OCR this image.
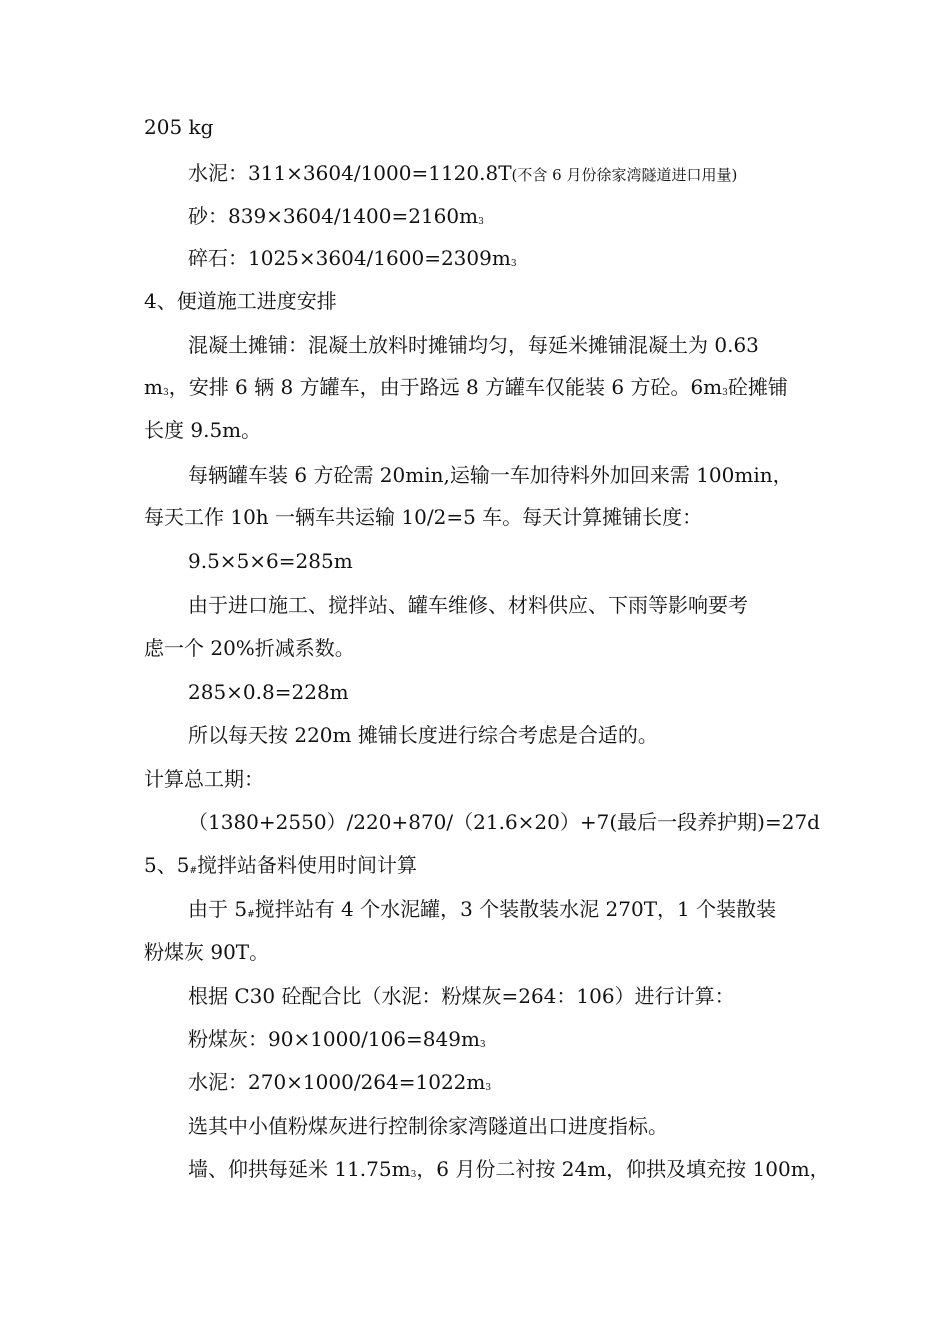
205 kg
水泥：311×3604/1000=1120.8T(不含 6 月份徐家湾隧道进口用量)
砂：839×3604/1400=2160m3
碎石：1025×3604/1600=2309m3
4、便道施工进度安排
混凝土摊铺：混凝土放料时摊铺均匀，每延米摊铺混凝土为 0.63
m3，安排 6 辆 8 方罐车，由于路远 8 方罐车仅能装 6 方砼。6m3砼摊铺
长度 9.5m。
每辆罐车装 6 方砼需 20min,运输一车加待料外加回来需 100min，
每天工作 10h 一辆车共运输 10/2=5 车。每天计算摊铺长度：
9.5×5×6=285m
由于进口施工、搅拌站、罐车维修、材料供应、下雨等影响要考
虑一个 20%折减系数。
285×0.8=228m
所以每天按 220m 摊铺长度进行综合考虑是合适的。
计算总工期：
（1380+2550）/220+870/（21.6×20）+7(最后一段养护期)=27d
5、5#搅拌站备料使用时间计算
由于 5#搅拌站有 4 个水泥罐，3 个装散装水泥 270T，1 个装散装
粉煤灰 90T。
根据 C30 砼配合比（水泥：粉煤灰=264：106）进行计算：
粉煤灰：90×1000/106=849m3
水泥：270×1000/264=1022m3
选其中小值粉煤灰进行控制徐家湾隧道出口进度指标。
墙、仰拱每延米 11.75m3，6 月份二衬按 24m，仰拱及填充按 100m，
